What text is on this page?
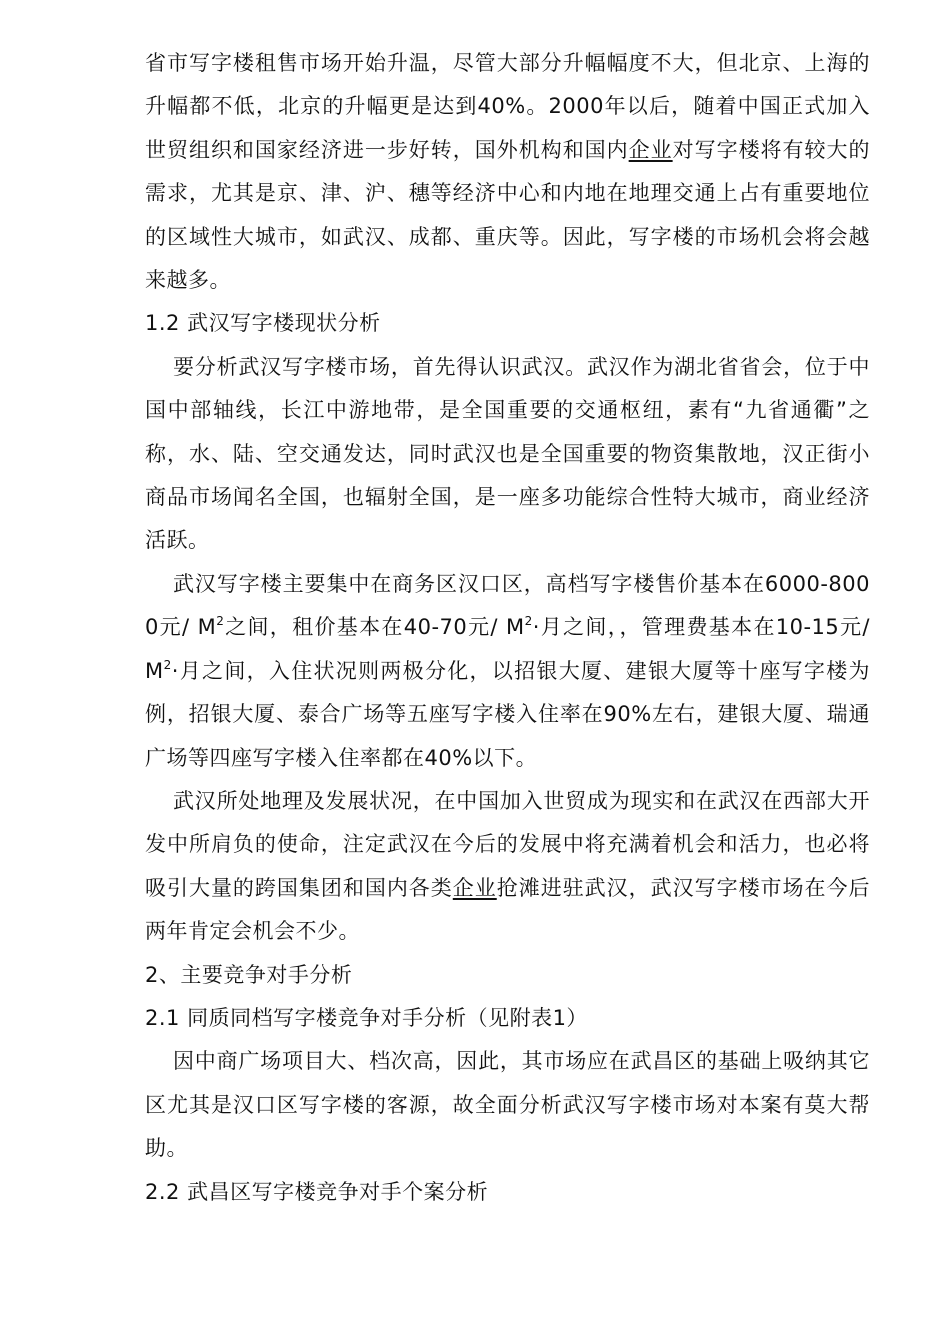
省市写字楼租售市场开始升温，尽管大部分升幅幅度不大，但北京、上海的升幅都不低，北京的升幅更是达到40%。2000年以后，随着中国正式加入世贸组织和国家经济进一步好转，国外机构和国内企业对写字楼将有较大的需求，尤其是京、津、沪、穗等经济中心和内地在地理交通上占有重要地位的区域性大城市，如武汉、成都、重庆等。因此，写字楼的市场机会将会越来越多。

1.2 武汉写字楼现状分析

要分析武汉写字楼市场，首先得认识武汉。武汉作为湖北省省会，位于中国中部轴线，长江中游地带，是全国重要的交通枢纽，素有“九省通衢”之称，水、陆、空交通发达，同时武汉也是全国重要的物资集散地，汉正街小商品市场闻名全国，也辐射全国，是一座多功能综合性特大城市，商业经济活跃。

武汉写字楼主要集中在商务区汉口区，高档写字楼售价基本在6000-8000元/ $M^2$之间，租价基本在40-70元/ $M^2\cdot$月之间，，管理费基本在10-15元/ $M^2\cdot$月之间，入住状况则两极分化，以招银大厦、建银大厦等十座写字楼为例，招银大厦、泰合广场等五座写字楼入住率在90%左右，建银大厦、瑞通广场等四座写字楼入住率都在40%以下。

武汉所处地理及发展状况，在中国加入世贸成为现实和在武汉在西部大开发中所肩负的使命，注定武汉在今后的发展中将充满着机会和活力，也必将吸引大量的跨国集团和国内各类企业抢滩进驻武汉，武汉写字楼市场在今后两年肯定会机会不少。

2、主要竞争对手分析

2.1 同质同档写字楼竞争对手分析（见附表1）

因中商广场项目大、档次高，因此，其市场应在武昌区的基础上吸纳其它区尤其是汉口区写字楼的客源，故全面分析武汉写字楼市场对本案有莫大帮助。

2.2 武昌区写字楼竞争对手个案分析
